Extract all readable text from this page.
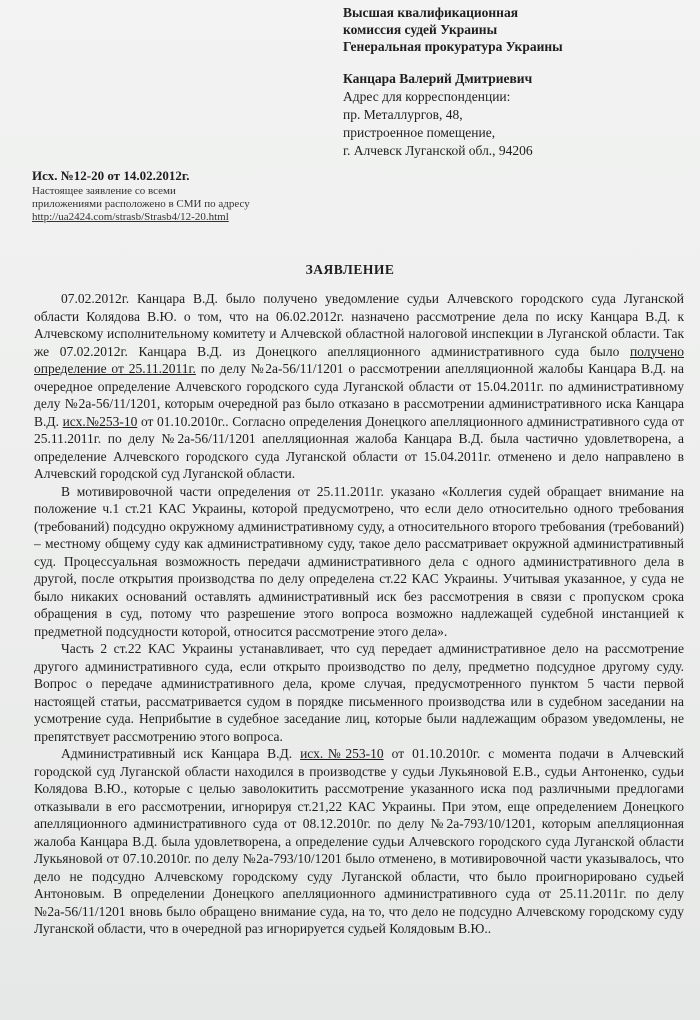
Высшая квалификационная
комиссия судей Украины
Генеральная прокуратура Украины
Канцара Валерий Дмитриевич
Адрес для корреспонденции:
пр. Металлургов, 48,
пристроенное помещение,
г. Алчевск Луганской обл., 94206
Исх. №12-20 от 14.02.2012г.
Настоящее заявление со всеми
приложениями расположено в СМИ по адресу
http://ua2424.com/strasb/Strasb4/12-20.html
ЗАЯВЛЕНИЕ

07.02.2012г. Канцара В.Д. было получено уведомление судьи Алчевского городского суда Луганской области Колядова В.Ю. о том, что на 06.02.2012г. назначено рассмотрение дела по иску Канцара В.Д. к Алчевскому исполнительному комитету и Алчевской областной налоговой инспекции в Луганской области. Так же 07.02.2012г. Канцара В.Д. из Донецкого апелляционного административного суда было получено определение от 25.11.2011г. по делу №2а-56/11/1201 о рассмотрении апелляционной жалобы Канцара В.Д. на очередное определение Алчевского городского суда Луганской области от 15.04.2011г. по административному делу №2а-56/11/1201, которым очередной раз было отказано в рассмотрении административного иска Канцара В.Д. исх.№253-10 от 01.10.2010г.. Согласно определения Донецкого апелляционного административного суда от 25.11.2011г. по делу №2а-56/11/1201 апелляционная жалоба Канцара В.Д. была частично удовлетворена, а определение Алчевского городского суда Луганской области от 15.04.2011г. отменено и дело направлено в Алчевский городской суд Луганской области.

В мотивировочной части определения от 25.11.2011г. указано «Коллегия судей обращает внимание на положение ч.1 ст.21 КАС Украины, которой предусмотрено, что если дело относительно одного требования (требований) подсудно окружному административному суду, а относительного второго требования (требований) – местному общему суду как административному суду, такое дело рассматривает окружной административный суд. Процессуальная возможность передачи административного дела с одного административного дела в другой, после открытия производства по делу определена ст.22 КАС Украины. Учитывая указанное, у суда не было никаких оснований оставлять административный иск без рассмотрения в связи с пропуском срока обращения в суд, потому что разрешение этого вопроса возможно надлежащей судебной инстанцией к предметной подсудности которой, относится рассмотрение этого дела».

Часть 2 ст.22 КАС Украины устанавливает, что суд передает административное дело на рассмотрение другого административного суда, если открыто производство по делу, предметно подсудное другому суду. Вопрос о передаче административного дела, кроме случая, предусмотренного пунктом 5 части первой настоящей статьи, рассматривается судом в порядке письменного производства или в судебном заседании на усмотрение суда. Неприбытие в судебное заседание лиц, которые были надлежащим образом уведомлены, не препятствует рассмотрению этого вопроса.

Административный иск Канцара В.Д. исх.№253-10 от 01.10.2010г. с момента подачи в Алчевский городской суд Луганской области находился в производстве у судьи Лукьяновой Е.В., судьи Антоненко, судьи Колядова В.Ю., которые с целью заволокитить рассмотрение указанного иска под различными предлогами отказывали в его рассмотрении, игнорируя ст.21,22 КАС Украины. При этом, еще определением Донецкого апелляционного административного суда от 08.12.2010г. по делу №2а-793/10/1201, которым апелляционная жалоба Канцара В.Д. была удовлетворена, а определение судьи Алчевского городского суда Луганской области Лукьяновой от 07.10.2010г. по делу №2а-793/10/1201 было отменено, в мотивировочной части указывалось, что дело не подсудно Алчевскому городскому суду Луганской области, что было проигнорировано судьей Антоновым. В определении Донецкого апелляционного административного суда от 25.11.2011г. по делу №2а-56/11/1201 вновь было обращено внимание суда, на то, что дело не подсудно Алчевскому городскому суду Луганской области, что в очередной раз игнорируется судьей Колядовым В.Ю..
